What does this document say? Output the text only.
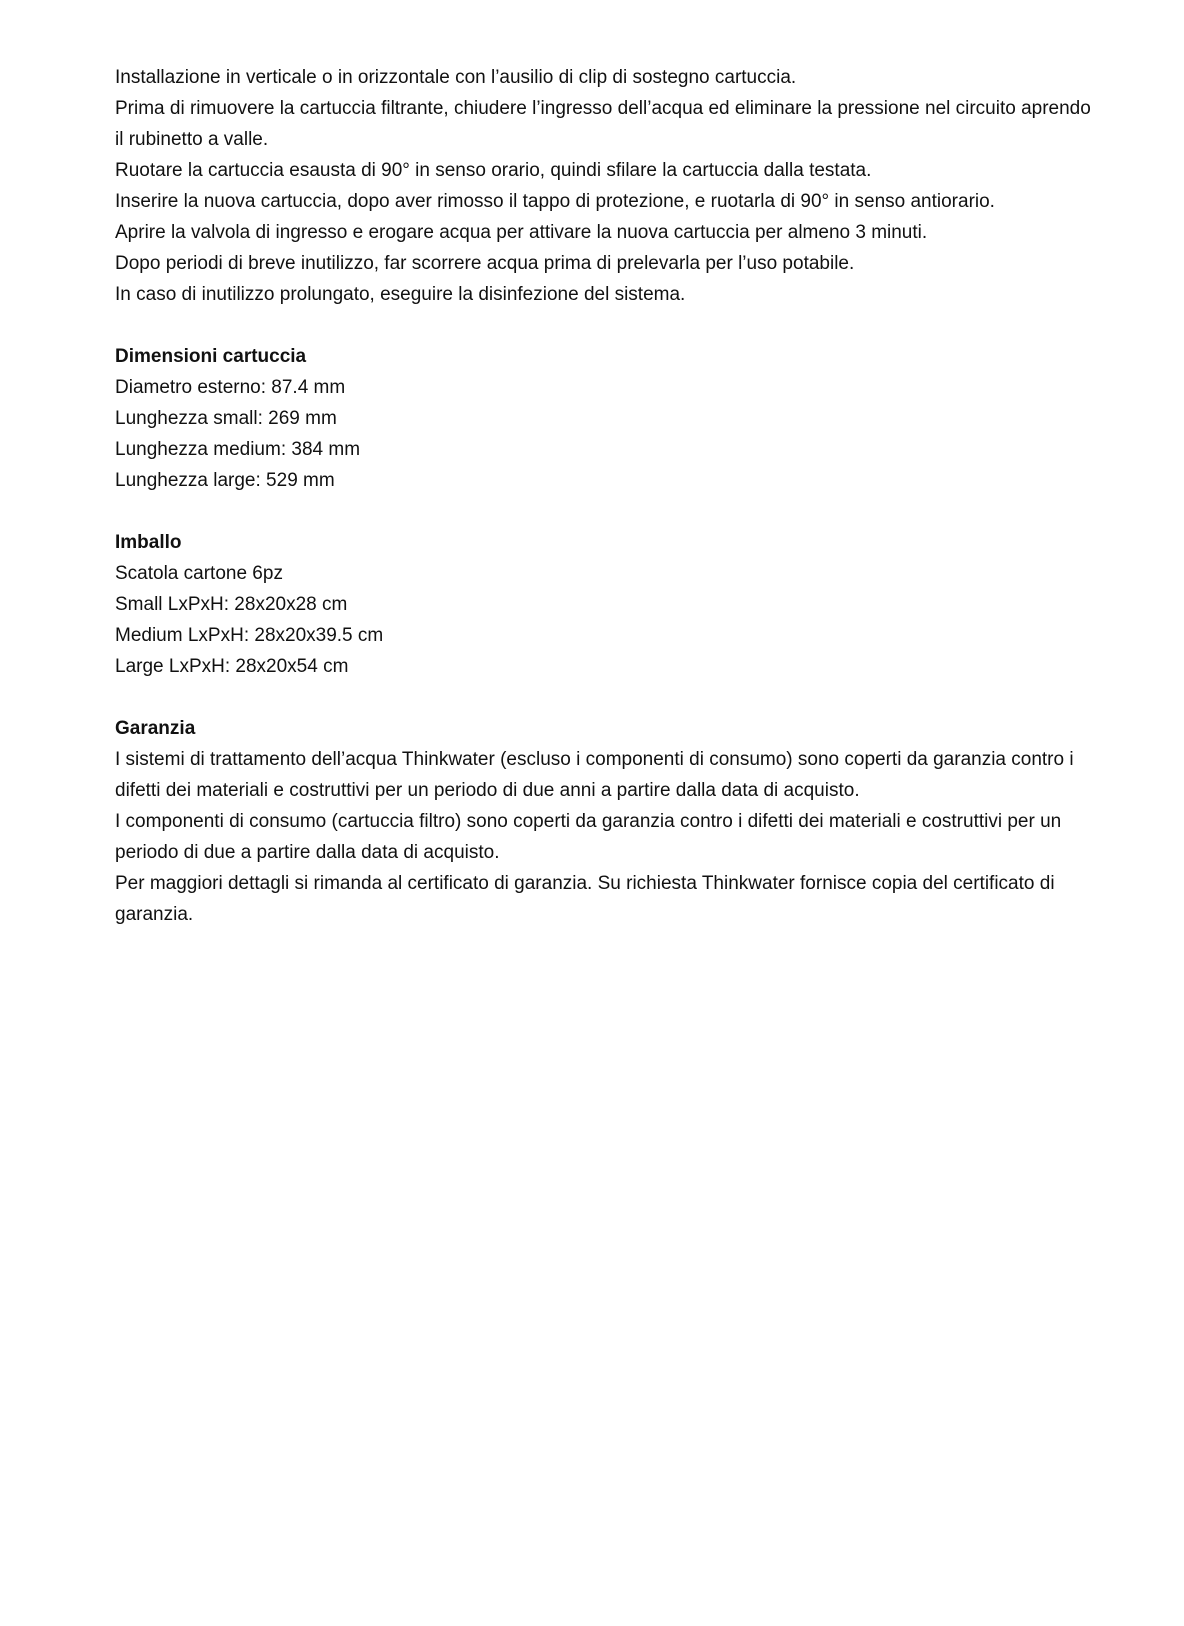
Installazione in verticale o in orizzontale con l’ausilio di clip di sostegno cartuccia.

Prima di rimuovere la cartuccia filtrante, chiudere l’ingresso dell’acqua ed eliminare la pressione nel circuito aprendo il rubinetto a valle.

Ruotare la cartuccia esausta di 90° in senso orario, quindi sfilare la cartuccia dalla testata.

Inserire la nuova cartuccia, dopo aver rimosso il tappo di protezione, e ruotarla di 90° in senso antiorario.

Aprire la valvola di ingresso e erogare acqua per attivare la nuova cartuccia per almeno 3 minuti.

Dopo periodi di breve inutilizzo, far scorrere acqua prima di prelevarla per l’uso potabile.

In caso di inutilizzo prolungato, eseguire la disinfezione del sistema.

Dimensioni cartuccia

Diametro esterno: 87.4 mm

Lunghezza small: 269 mm

Lunghezza medium: 384 mm

Lunghezza large: 529 mm

Imballo

Scatola cartone 6pz

Small LxPxH: 28x20x28 cm

Medium LxPxH: 28x20x39.5 cm

Large LxPxH: 28x20x54 cm

Garanzia

I sistemi di trattamento dell’acqua Thinkwater (escluso i componenti di consumo) sono coperti da garanzia contro i difetti dei materiali e costruttivi per un periodo di due anni a partire dalla data di acquisto.

I componenti di consumo (cartuccia filtro) sono coperti da garanzia contro i difetti dei materiali e costruttivi per un periodo di due a partire dalla data di acquisto.

Per maggiori dettagli si rimanda al certificato di garanzia. Su richiesta Thinkwater fornisce copia del certificato di garanzia.
